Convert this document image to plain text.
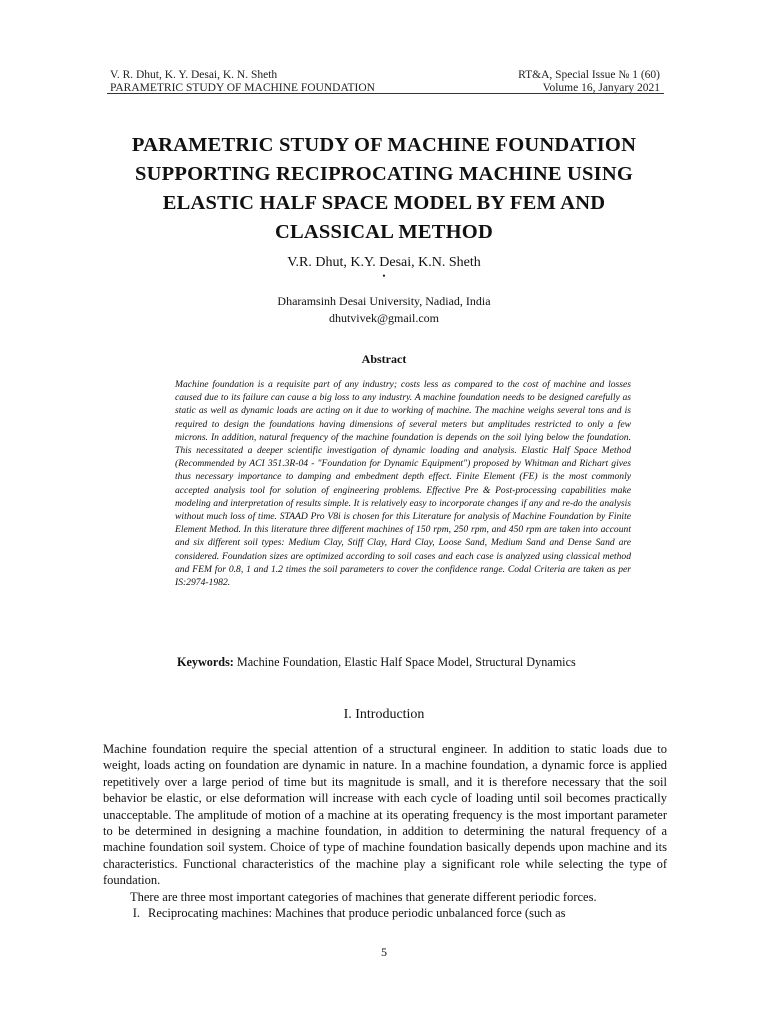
V. R. Dhut, K. Y. Desai, K. N. Sheth
PARAMETRIC STUDY OF MACHINE FOUNDATION
RT&A, Special Issue № 1 (60)
Volume 16, Janyary 2021
PARAMETRIC STUDY OF MACHINE FOUNDATION
SUPPORTING RECIPROCATING MACHINE USING
ELASTIC HALF SPACE MODEL BY FEM AND
CLASSICAL METHOD
V.R. Dhut, K.Y. Desai, K.N. Sheth
•
Dharamsinh Desai University, Nadiad, India
dhutvivek@gmail.com
Abstract
Machine foundation is a requisite part of any industry; costs less as compared to the cost of machine and losses caused due to its failure can cause a big loss to any industry. A machine foundation needs to be designed carefully as static as well as dynamic loads are acting on it due to working of machine. The machine weighs several tons and is required to design the foundations having dimensions of several meters but amplitudes restricted to only a few microns. In addition, natural frequency of the machine foundation is depends on the soil lying below the foundation. This necessitated a deeper scientific investigation of dynamic loading and analysis. Elastic Half Space Method (Recommended by ACI 351.3R-04 - "Foundation for Dynamic Equipment") proposed by Whitman and Richart gives thus necessary importance to damping and embedment depth effect. Finite Element (FE) is the most commonly accepted analysis tool for solution of engineering problems. Effective Pre & Post-processing capabilities make modeling and interpretation of results simple. It is relatively easy to incorporate changes if any and re-do the analysis without much loss of time. STAAD Pro V8i is chosen for this Literature for analysis of Machine Foundation by Finite Element Method. In this literature three different machines of 150 rpm, 250 rpm, and 450 rpm are taken into account and six different soil types: Medium Clay, Stiff Clay, Hard Clay, Loose Sand, Medium Sand and Dense Sand are considered. Foundation sizes are optimized according to soil cases and each case is analyzed using classical method and FEM for 0.8, 1 and 1.2 times the soil parameters to cover the confidence range. Codal Criteria are taken as per IS:2974-1982.
Keywords: Machine Foundation, Elastic Half Space Model, Structural Dynamics
I. Introduction

Machine foundation require the special attention of a structural engineer. In addition to static loads due to weight, loads acting on foundation are dynamic in nature. In a machine foundation, a dynamic force is applied repetitively over a large period of time but its magnitude is small, and it is therefore necessary that the soil behavior be elastic, or else deformation will increase with each cycle of loading until soil becomes practically unacceptable. The amplitude of motion of a machine at its operating frequency is the most important parameter to be determined in designing a machine foundation, in addition to determining the natural frequency of a machine foundation soil system. Choice of type of machine foundation basically depends upon machine and its characteristics. Functional characteristics of the machine play a significant role while selecting the type of foundation.

There are three most important categories of machines that generate different periodic forces.

I. Reciprocating machines: Machines that produce periodic unbalanced force (such as
5
